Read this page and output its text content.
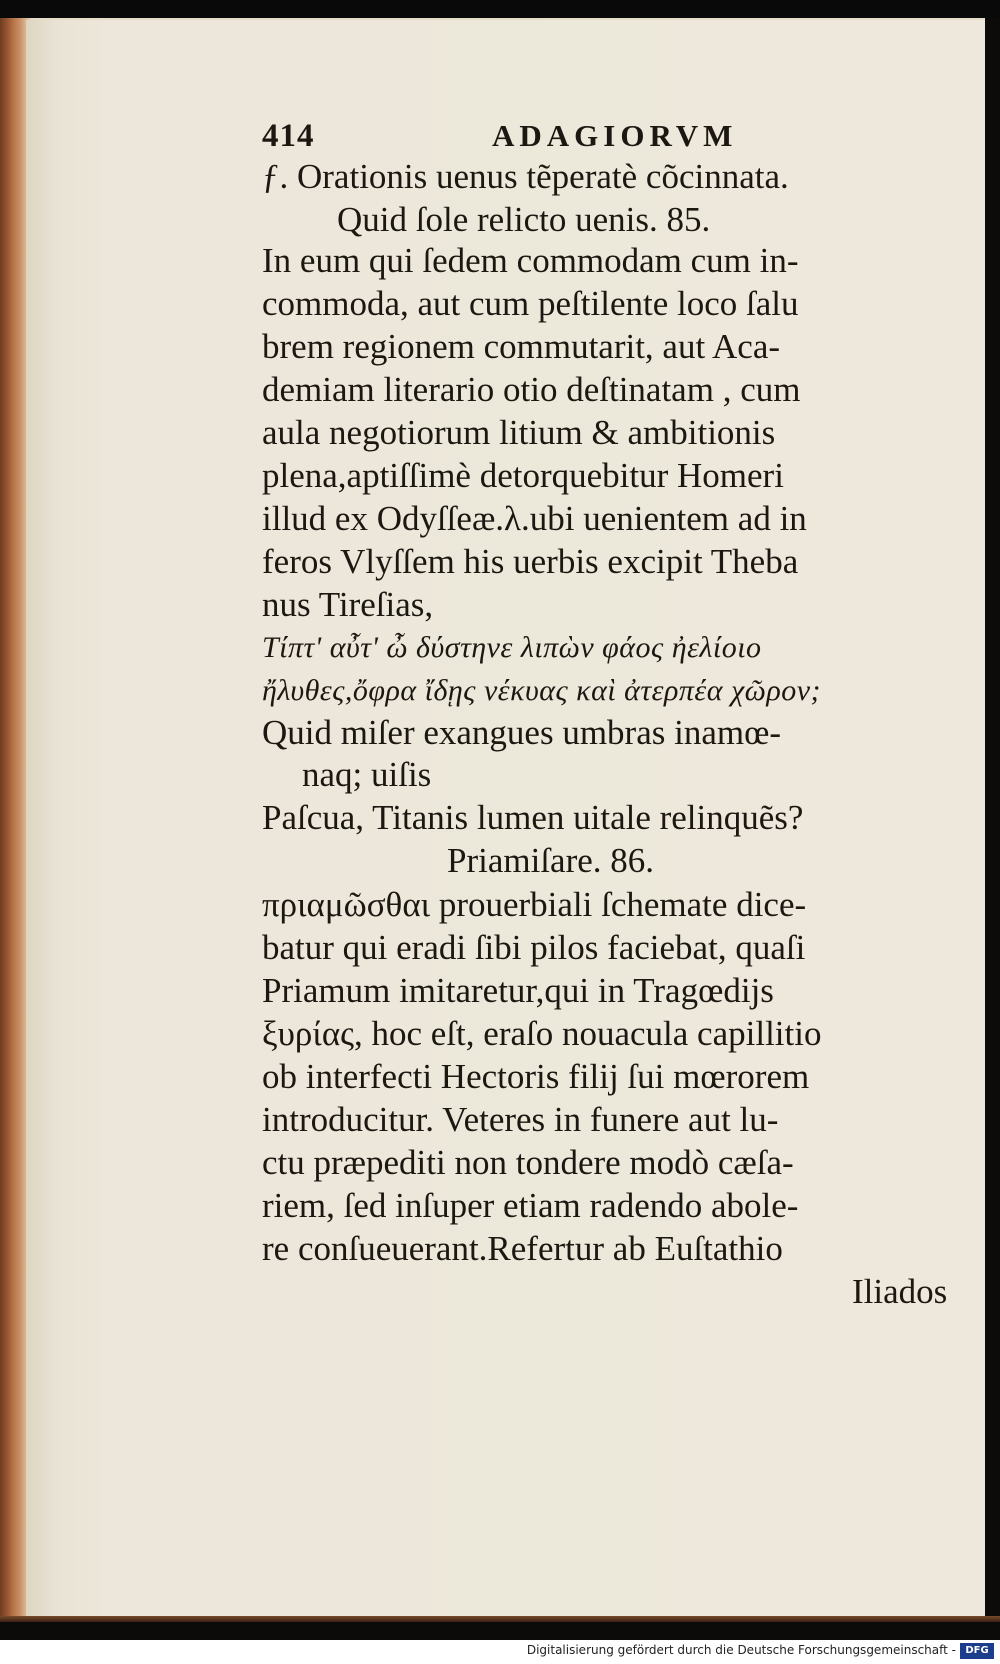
414	ADAGIORVM
ƒ. Orationis uenus tẽperatè cõcinnata.
Quid ſole relicto uenis. 85.
In eum qui ſedem commodam cum in-
commoda, aut cum peſtilente loco ſalu
brem regionem commutarit, aut Aca-
demiam literario otio deſtinatam , cum
aula negotiorum litium & ambitionis
plena,aptiſſimè detorquebitur Homeri
illud ex Odyſſeæ.λ.ubi uenientem ad in
feros Vlyſſem his uerbis excipit Theba
nus Tireſias,
Τίπτ' αὖτ' ὦ δύστηνε λιπὼν φάος ἠελίοιο
ἤλυθες,ὄφρα ἴδῃς νέκυας καὶ ἀτερπέα χῶρον;
Quid miſer exangues umbras inamœ-
naq; uiſis
Paſcua, Titanis lumen uitale relinquẽs?
Priamiſare. 86.
πριαμῶσθαι prouerbiali ſchemate dice-
batur qui eradi ſibi pilos faciebat, quaſi
Priamum imitaretur,qui in Tragœdijs
ξυρίας, hoc eſt, eraſo nouacula capillitio
ob interfecti Hectoris filij ſui mœrorem
introducitur. Veteres in funere aut lu-
ctu præpediti non tondere modò cæſa-
riem, ſed inſuper etiam radendo abole-
re conſueuerant.Refertur ab Euſtathio
Iliados
Digitalisierung gefördert durch die Deutsche Forschungsgemeinschaft - DFG
